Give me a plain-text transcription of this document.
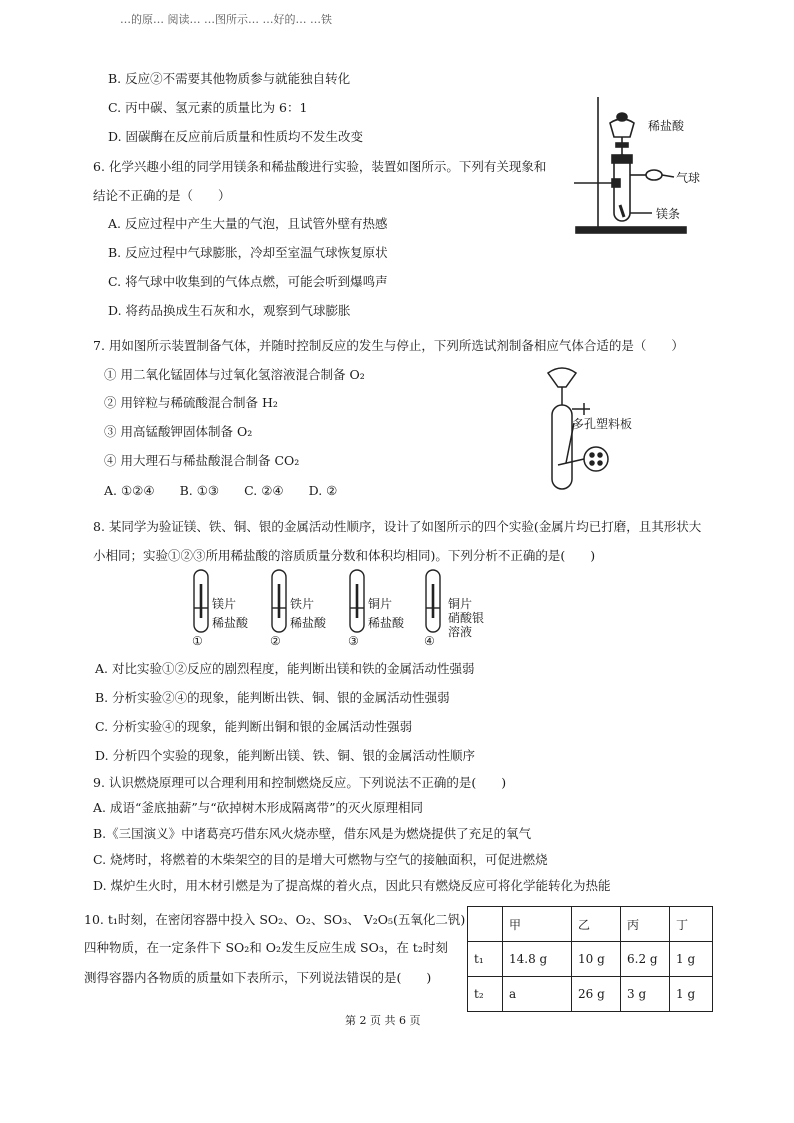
…的原… 阅读… …图所示… …好的… …铁
B. 反应②不需要其他物质参与就能独自转化
C. 丙中碳、氢元素的质量比为 6：1
D. 固碳酶在反应前后质量和性质均不发生改变
6. 化学兴趣小组的同学用镁条和稀盐酸进行实验，装置如图所示。下列有关现象和
结论不正确的是（　　）
A. 反应过程中产生大量的气泡，且试管外壁有热感
B. 反应过程中气球膨胀，冷却至室温气球恢复原状
C. 将气球中收集到的气体点燃，可能会听到爆鸣声
D. 将药品换成生石灰和水，观察到气球膨胀
稀盐酸
气球
镁条
7. 用如图所示装置制备气体，并随时控制反应的发生与停止，下列所选试剂制备相应气体合适的是（　　）
① 用二氧化锰固体与过氧化氢溶液混合制备 O₂
② 用锌粒与稀硫酸混合制备 H₂
③ 用高锰酸钾固体制备 O₂
④ 用大理石与稀盐酸混合制备 CO₂
A. ①②④　　B. ①③　　C. ②④　　D. ②
多孔塑料板
8. 某同学为验证镁、铁、铜、银的金属活动性顺序，设计了如图所示的四个实验(金属片均已打磨，且其形状大
小相同；实验①②③所用稀盐酸的溶质质量分数和体积均相同)。下列分析不正确的是(　　)
镁片
稀盐酸
①
铁片
稀盐酸
②
铜片
稀盐酸
③
铜片
硝酸银
溶液
④
A. 对比实验①②反应的剧烈程度，能判断出镁和铁的金属活动性强弱
B. 分析实验②④的现象，能判断出铁、铜、银的金属活动性强弱
C. 分析实验④的现象，能判断出铜和银的金属活动性强弱
D. 分析四个实验的现象，能判断出镁、铁、铜、银的金属活动性顺序
9. 认识燃烧原理可以合理利用和控制燃烧反应。下列说法不正确的是(　　)
A. 成语“釜底抽薪”与“砍掉树木形成隔离带”的灭火原理相同
B.《三国演义》中诸葛亮巧借东风火烧赤壁，借东风是为燃烧提供了充足的氧气
C. 烧烤时，将燃着的木柴架空的目的是增大可燃物与空气的接触面积，可促进燃烧
D. 煤炉生火时，用木材引燃是为了提高煤的着火点，因此只有燃烧反应可将化学能转化为热能
10. t₁时刻，在密闭容器中投入 SO₂、O₂、SO₃、 V₂O₅(五氧化二钒)
四种物质，在一定条件下 SO₂和 O₂发生反应生成 SO₃，在 t₂时刻
测得容器内各物质的质量如下表所示，下列说法错误的是(　　)
	甲	乙	丙	丁
t₁	14.8 g	10 g	6.2 g	1 g
t₂	a	26 g	3 g	1 g
第 2 页 共 6 页
